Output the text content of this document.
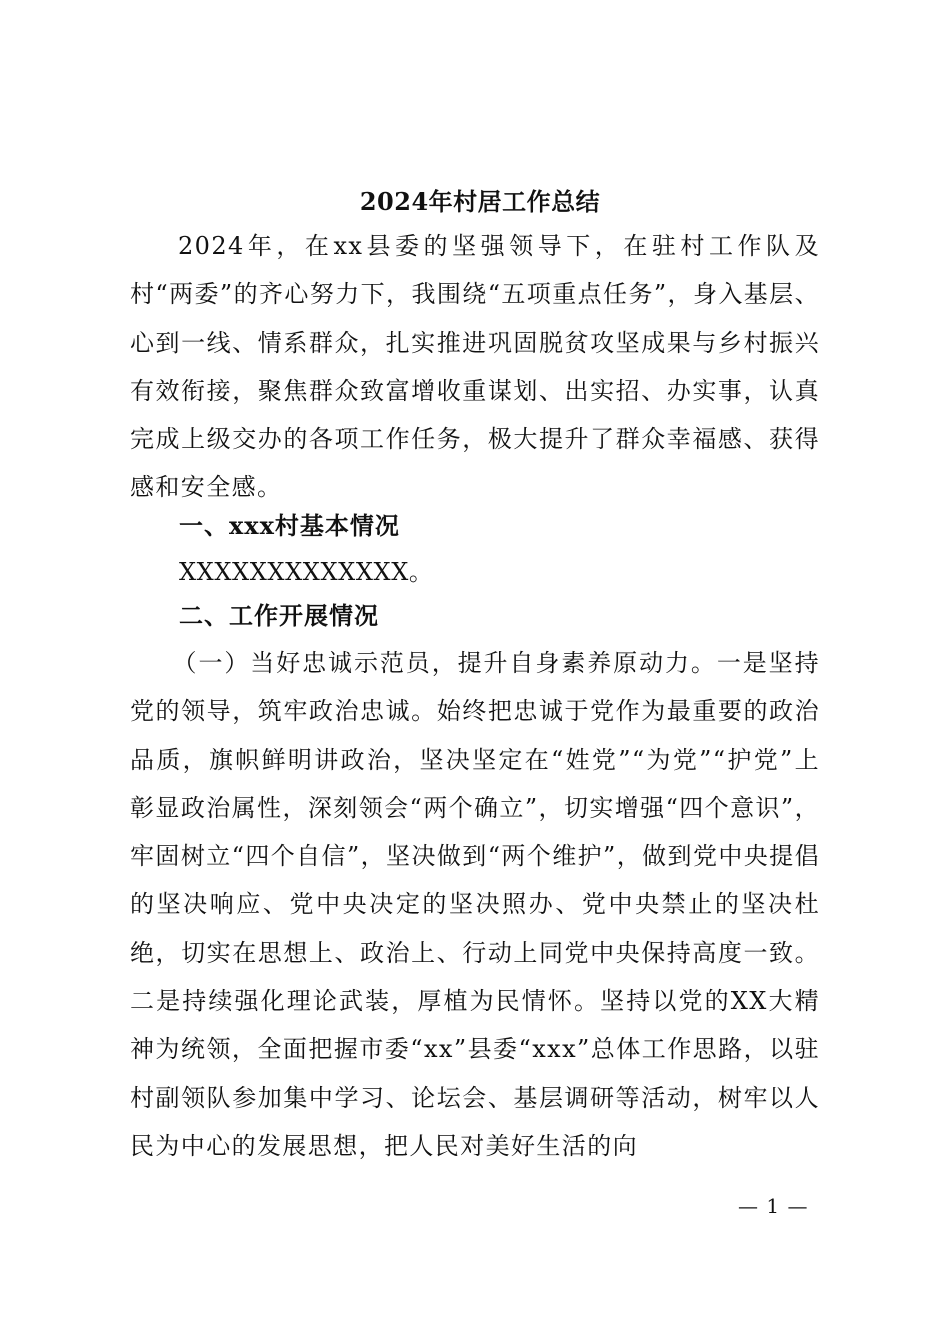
2024年村居工作总结
2024年，在xx县委的坚强领导下，在驻村工作队及村“两委”的齐心努力下，我围绕“五项重点任务”，身入基层、心到一线、情系群众，扎实推进巩固脱贫攻坚成果与乡村振兴有效衔接，聚焦群众致富增收重谋划、出实招、办实事，认真完成上级交办的各项工作任务，极大提升了群众幸福感、获得感和安全感。
一、xxx村基本情况
XXXXXXXXXXXXX。
二、工作开展情况
（一）当好忠诚示范员，提升自身素养原动力。一是坚持党的领导，筑牢政治忠诚。始终把忠诚于党作为最重要的政治品质，旗帜鲜明讲政治，坚决坚定在“姓党”“为党”“护党”上彰显政治属性，深刻领会“两个确立”，切实增强“四个意识”，牢固树立“四个自信”，坚决做到“两个维护”，做到党中央提倡的坚决响应、党中央决定的坚决照办、党中央禁止的坚决杜绝，切实在思想上、政治上、行动上同党中央保持高度一致。二是持续强化理论武装，厚植为民情怀。坚持以党的XX大精神为统领，全面把握市委“xx”县委“xxx”总体工作思路，以驻村副领队参加集中学习、论坛会、基层调研等活动，树牢以人民为中心的发展思想，把人民对美好生活的向
— 1 —
